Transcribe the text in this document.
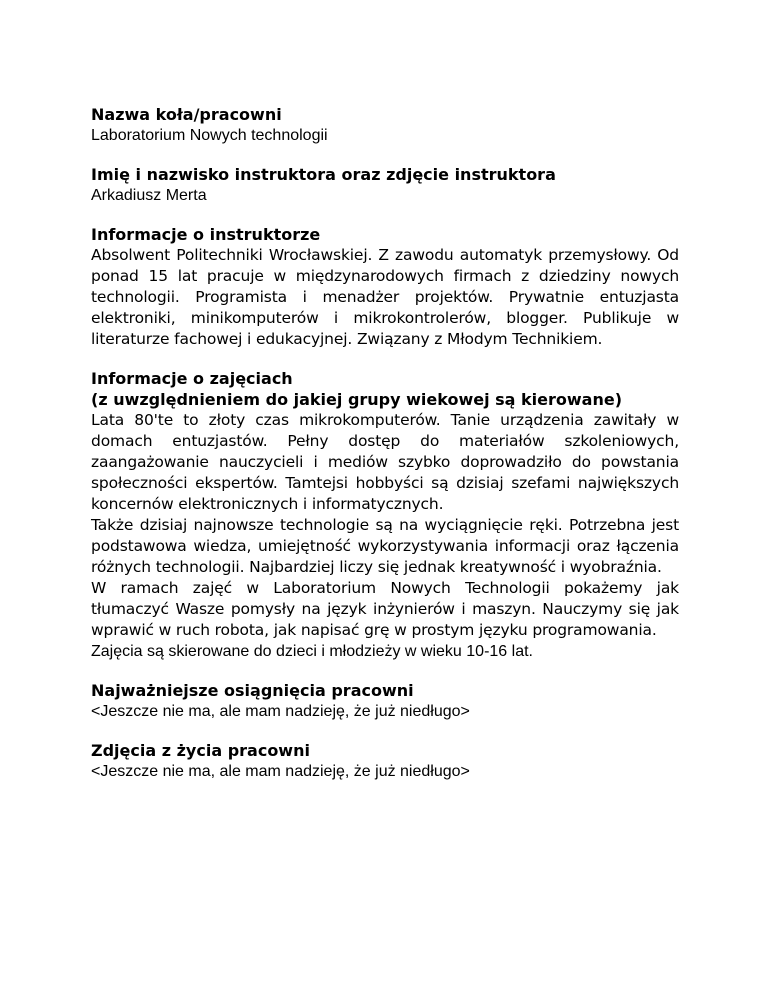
Nazwa koła/pracowni

Laboratorium Nowych technologii

Imię i nazwisko instruktora oraz zdjęcie instruktora

Arkadiusz Merta

Informacje o instruktorze

Absolwent Politechniki Wrocławskiej. Z zawodu automatyk przemysłowy. Od ponad 15 lat pracuje w międzynarodowych firmach z dziedziny nowych technologii. Programista i menadżer projektów. Prywatnie entuzjasta elektroniki, minikomputerów i mikrokontrolerów, blogger. Publikuje w literaturze fachowej i edukacyjnej. Związany z Młodym Technikiem.

Informacje o zajęciach

(z uwzględnieniem do jakiej grupy wiekowej są kierowane)

Lata 80'te to złoty czas mikrokomputerów. Tanie urządzenia zawitały w domach entuzjastów. Pełny dostęp do materiałów szkoleniowych, zaangażowanie nauczycieli i mediów szybko doprowadziło do powstania społeczności ekspertów. Tamtejsi hobbyści są dzisiaj szefami największych koncernów elektronicznych i informatycznych.

Także dzisiaj najnowsze technologie są na wyciągnięcie ręki. Potrzebna jest podstawowa wiedza, umiejętność wykorzystywania informacji oraz łączenia różnych technologii. Najbardziej liczy się jednak kreatywność i wyobraźnia.

W ramach zajęć w Laboratorium Nowych Technologii pokażemy jak tłumaczyć Wasze pomysły na język inżynierów i maszyn. Nauczymy się jak wprawić w ruch robota, jak napisać grę w prostym języku programowania.

Zajęcia są skierowane do dzieci i młodzieży w wieku 10-16 lat.

Najważniejsze osiągnięcia pracowni

<Jeszcze nie ma, ale mam nadzieję, że już niedługo>

Zdjęcia z życia pracowni

<Jeszcze nie ma, ale mam nadzieję, że już niedługo>
